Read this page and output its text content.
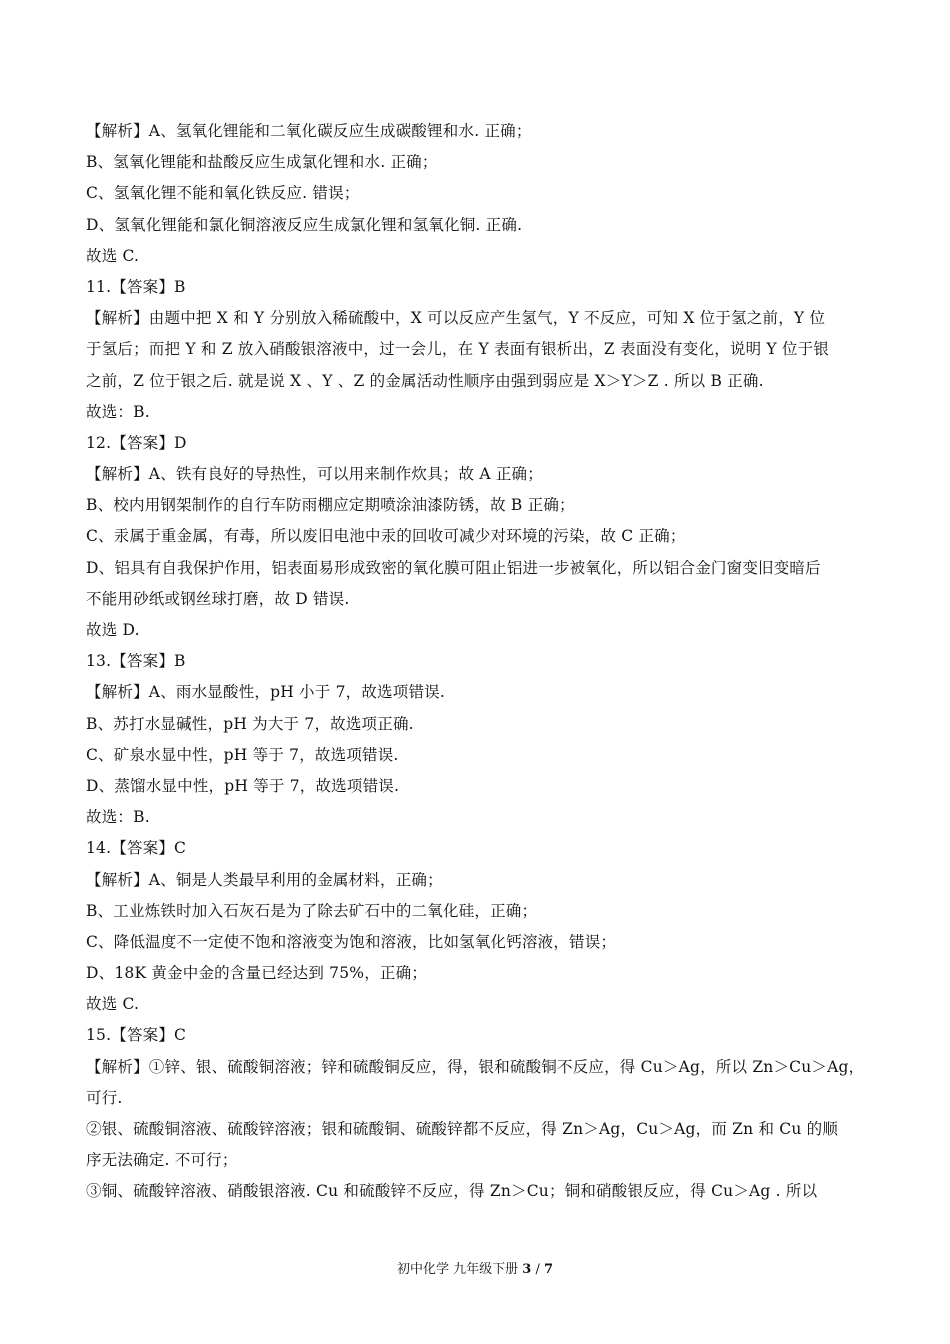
【解析】A、氢氧化锂能和二氧化碳反应生成碳酸锂和水. 正确；
B、氢氧化锂能和盐酸反应生成氯化锂和水. 正确；
C、氢氧化锂不能和氧化铁反应. 错误；
D、氢氧化锂能和氯化铜溶液反应生成氯化锂和氢氧化铜. 正确.
故选 C.
11.【答案】B
【解析】由题中把 X 和 Y 分别放入稀硫酸中，X 可以反应产生氢气，Y 不反应，可知 X 位于氢之前，Y 位
于氢后；而把 Y 和 Z 放入硝酸银溶液中，过一会儿，在 Y 表面有银析出，Z 表面没有变化，说明 Y 位于银
之前，Z 位于银之后. 就是说 X 、Y 、Z 的金属活动性顺序由强到弱应是 X＞Y＞Z . 所以 B 正确.
故选：B.
12.【答案】D
【解析】A、铁有良好的导热性，可以用来制作炊具；故 A 正确；
B、校内用钢架制作的自行车防雨棚应定期喷涂油漆防锈，故 B 正确；
C、汞属于重金属，有毒，所以废旧电池中汞的回收可减少对环境的污染，故 C 正确；
D、铝具有自我保护作用，铝表面易形成致密的氧化膜可阻止铝进一步被氧化，所以铝合金门窗变旧变暗后
不能用砂纸或钢丝球打磨，故 D 错误.
故选 D.
13.【答案】B
【解析】A、雨水显酸性，pH 小于 7，故选项错误.
B、苏打水显碱性，pH 为大于 7，故选项正确.
C、矿泉水显中性，pH 等于 7，故选项错误.
D、蒸馏水显中性，pH 等于 7，故选项错误.
故选：B.
14.【答案】C
【解析】A、铜是人类最早利用的金属材料，正确；
B、工业炼铁时加入石灰石是为了除去矿石中的二氧化硅，正确；
C、降低温度不一定使不饱和溶液变为饱和溶液，比如氢氧化钙溶液，错误；
D、18K 黄金中金的含量已经达到 75%，正确；
故选 C.
15.【答案】C
【解析】①锌、银、硫酸铜溶液；锌和硫酸铜反应，得，银和硫酸铜不反应，得 Cu＞Ag，所以 Zn＞Cu＞Ag，
可行.
②银、硫酸铜溶液、硫酸锌溶液；银和硫酸铜、硫酸锌都不反应，得 Zn＞Ag，Cu＞Ag，而 Zn 和 Cu 的顺
序无法确定. 不可行；
③铜、硫酸锌溶液、硝酸银溶液. Cu 和硫酸锌不反应，得 Zn＞Cu；铜和硝酸银反应，得 Cu＞Ag . 所以
初中化学 九年级下册 3 / 7
